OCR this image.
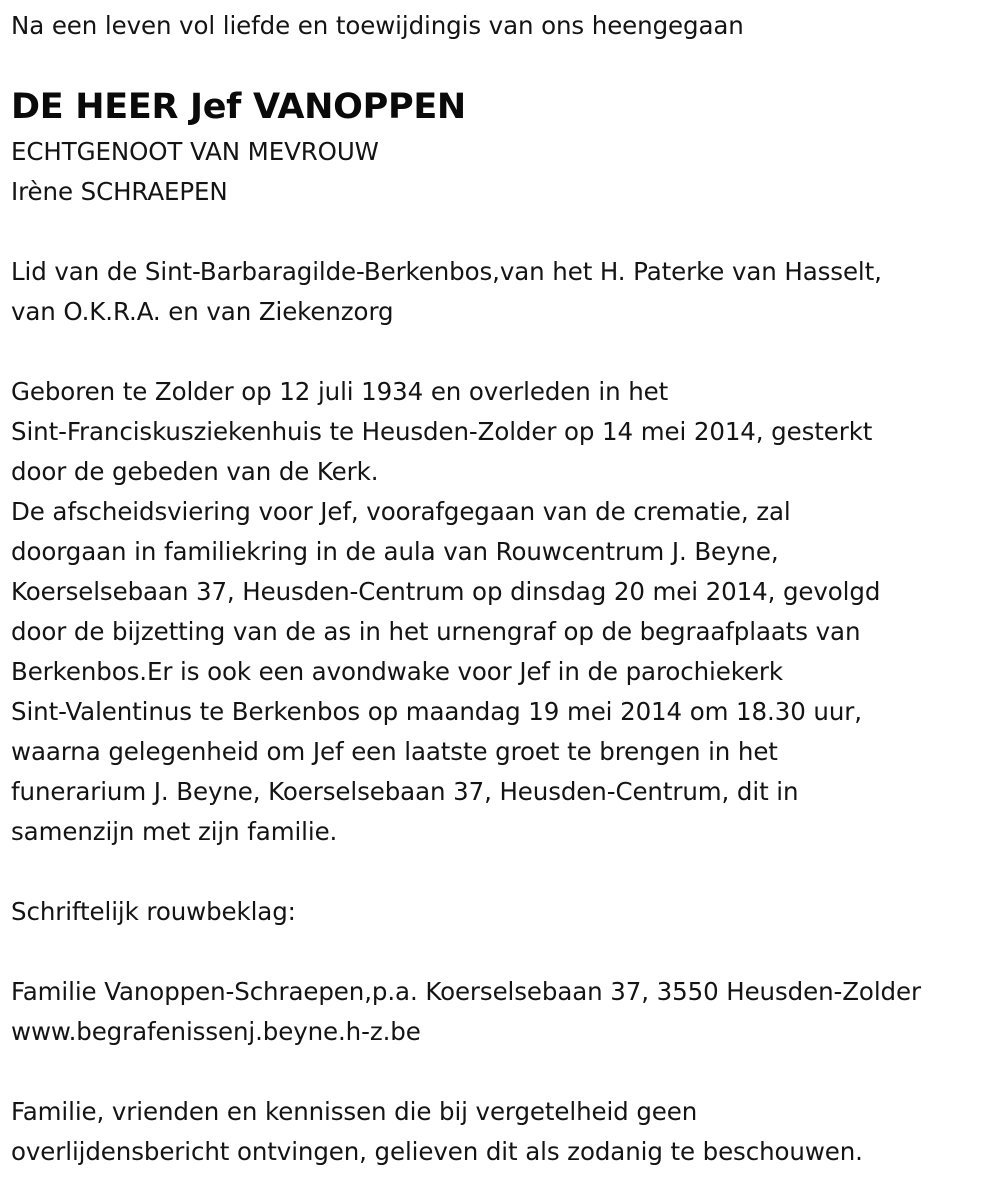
Na een leven vol liefde en toewijdingis van ons heengegaan
DE HEER Jef VANOPPEN
ECHTGENOOT VAN MEVROUW
Irène SCHRAEPEN
Lid van de Sint-Barbaragilde-Berkenbos,van het H. Paterke van Hasselt,
van O.K.R.A. en van Ziekenzorg
Geboren te Zolder op 12 juli 1934 en overleden in het
Sint-Franciskusziekenhuis te Heusden-Zolder op 14 mei 2014, gesterkt
door de gebeden van de Kerk.
De afscheidsviering voor Jef, voorafgegaan van de crematie, zal
doorgaan in familiekring in de aula van Rouwcentrum J. Beyne,
Koerselsebaan 37, Heusden-Centrum op dinsdag 20 mei 2014, gevolgd
door de bijzetting van de as in het urnengraf op de begraafplaats van
Berkenbos.Er is ook een avondwake voor Jef in de parochiekerk
Sint-Valentinus te Berkenbos op maandag 19 mei 2014 om 18.30 uur,
waarna gelegenheid om Jef een laatste groet te brengen in het
funerarium J. Beyne, Koerselsebaan 37, Heusden-Centrum, dit in
samenzijn met zijn familie.
Schriftelijk rouwbeklag:
Familie Vanoppen-Schraepen,p.a. Koerselsebaan 37, 3550 Heusden-Zolder
www.begrafenissenj.beyne.h-z.be
Familie, vrienden en kennissen die bij vergetelheid geen
overlijdensbericht ontvingen, gelieven dit als zodanig te beschouwen.
